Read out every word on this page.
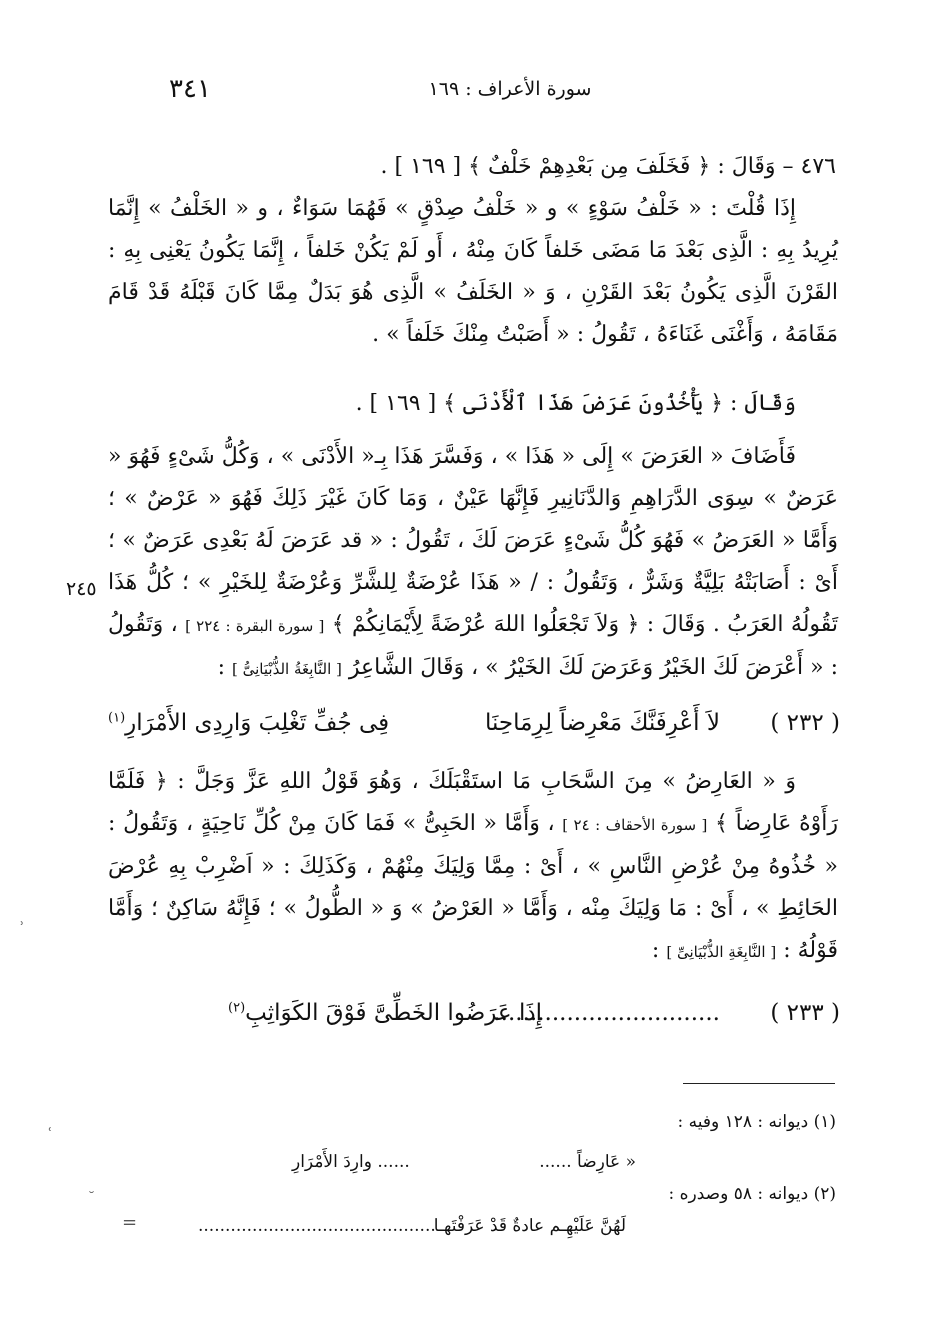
سورة الأعراف : ١٦٩
٣٤١

٤٧٦ – وَقَالَ : ﴿ فَخَلَفَ مِن بَعْدِهِمْ خَلْفٌ ﴾ [ ١٦٩ ] .

إِذَا قُلْتَ : « خَلْفُ سَوْءٍ » و « خَلْفُ صِدْقٍ » فَهُمَا سَوَاءٌ ، و « الخَلْفُ » إِنَّمَا يُرِيدُ بِهِ : الَّذِى بَعْدَ مَا مَضَى خَلفاً كَانَ مِنْهُ ، أَو لَمْ يَكُنْ خَلفاً ، إِنَّمَا يَكُونُ يَعْنِى بِهِ : القَرْنَ الَّذِى يَكُونُ بَعْدَ القَرْنِ ، وَ « الخَلَفُ » الَّذِى هُوَ بَدَلٌ مِمَّا كَانَ قَبْلَهُ قَدْ قَامَ مَقَامَهُ ، وَأَغْنَى غَنَاءَهُ ، تَقُولُ : « أَصَبْتُ مِنْكَ خَلَفاً » .

وَقَالَ : ﴿ يَأْخُذُونَ عَرَضَ هَذَا ٱلْأَدْنَى ﴾ [ ١٦٩ ] .

فَأَضَافَ « العَرَضَ » إِلَى « هَذَا » ، وَفَسَّرَ هَذَا بِـ« الأَدْنَى » ، وَكُلُّ شَىْءٍ فَهُوَ « عَرَضٌ » سِوَى الدَّرَاهِمِ وَالدَّنَانِيرِ فَإِنَّهَا عَيْنٌ ، وَمَا كَانَ غَيْرَ ذَلِكَ فَهُوَ « عَرْضٌ » ؛ وَأَمَّا « العَرَضُ » فَهُوَ كُلُّ شَىْءٍ عَرَضَ لَكَ ، تَقُولُ : « قد عَرَضَ لَهُ بَعْدِى عَرَضٌ » ؛ أَىْ : أَصَابَتْهُ بَلِيَّةٌ وَشَرٌّ ، وَتَقُولُ : / « هَذَا عُرْضَةٌ لِلشَّرِّ وَعُرْضَةٌ لِلخَيْرِ » ؛ كُلُّ هَذَا تَقُولُهُ العَرَبُ . وَقَالَ : ﴿ وَلاَ تَجْعَلُوا اللهَ عُرْضَةً لِأَيْمَانِكُمْ ﴾ [ سورة البقرة : ٢٢٤ ] ، وَتَقُولُ : « أَعْرَضَ لَكَ الخَيْرُ وَعَرَضَ لَكَ الخَيْرُ » ، وَقَالَ الشَّاعِرُ [ النَّابِغَةُ الذُّبْيَانِىُّ ] :

٢٤٥
( ٢٣٢ )
لاَ أَعْرِفَنَّكَ مَعْرِضاً لِرِمَاحِنَا
فِى جُفِّ تَغْلِبَ وَارِدِى الأَمْرَارِ$^{(١)}$

وَ « العَارِضُ » مِنَ السَّحَابِ مَا استَقْبَلَكَ ، وَهُوَ قَوْلُ اللهِ عَزَّ وَجَلَّ : ﴿ فَلَمَّا رَأَوْهُ عَارِضاً ﴾ [ سورة الأحقاف : ٢٤ ] ، وَأَمَّا « الحَبِىُّ » فَمَا كَانَ مِنْ كُلِّ نَاحِيَةٍ ، وَتَقُولُ : « خُذُوهُ مِنْ عُرْضِ النَّاسِ » ، أَىْ : مِمَّا وَلِيَكَ مِنْهُمْ ، وَكَذَلِكَ : « اَضْرِبْ بِهِ عُرْضَ الحَائِطِ » ، أَىْ : مَا وَلِيَكَ مِنْه ، وَأَمَّا « العَرْضُ » وَ « الطُّولُ » ؛ فَإِنَّهُ سَاكِنٌ ؛ وَأَمَّا قَوْلُهُ : [ النَّابِغَةِ الذُّبْيَانِىِّ ] :

( ٢٣٣ )
...............................
إِذَا عَرَضُوا الخَطِّىَّ فَوْقَ الكَوَاثِبِ$^{(٢)}$
(١) ديوانه : ١٢٨ وفيه :
« عَارِضاً ......
...... وارِدَ الأَمْرَارِ
(٢) ديوانه : ٥٨ وصدره :
لَهُنَّ عَلَيْهِـم عادةٌ قَدْ عَرَفْتَهـا
............................................
ʾ
ʿ
˘
=
